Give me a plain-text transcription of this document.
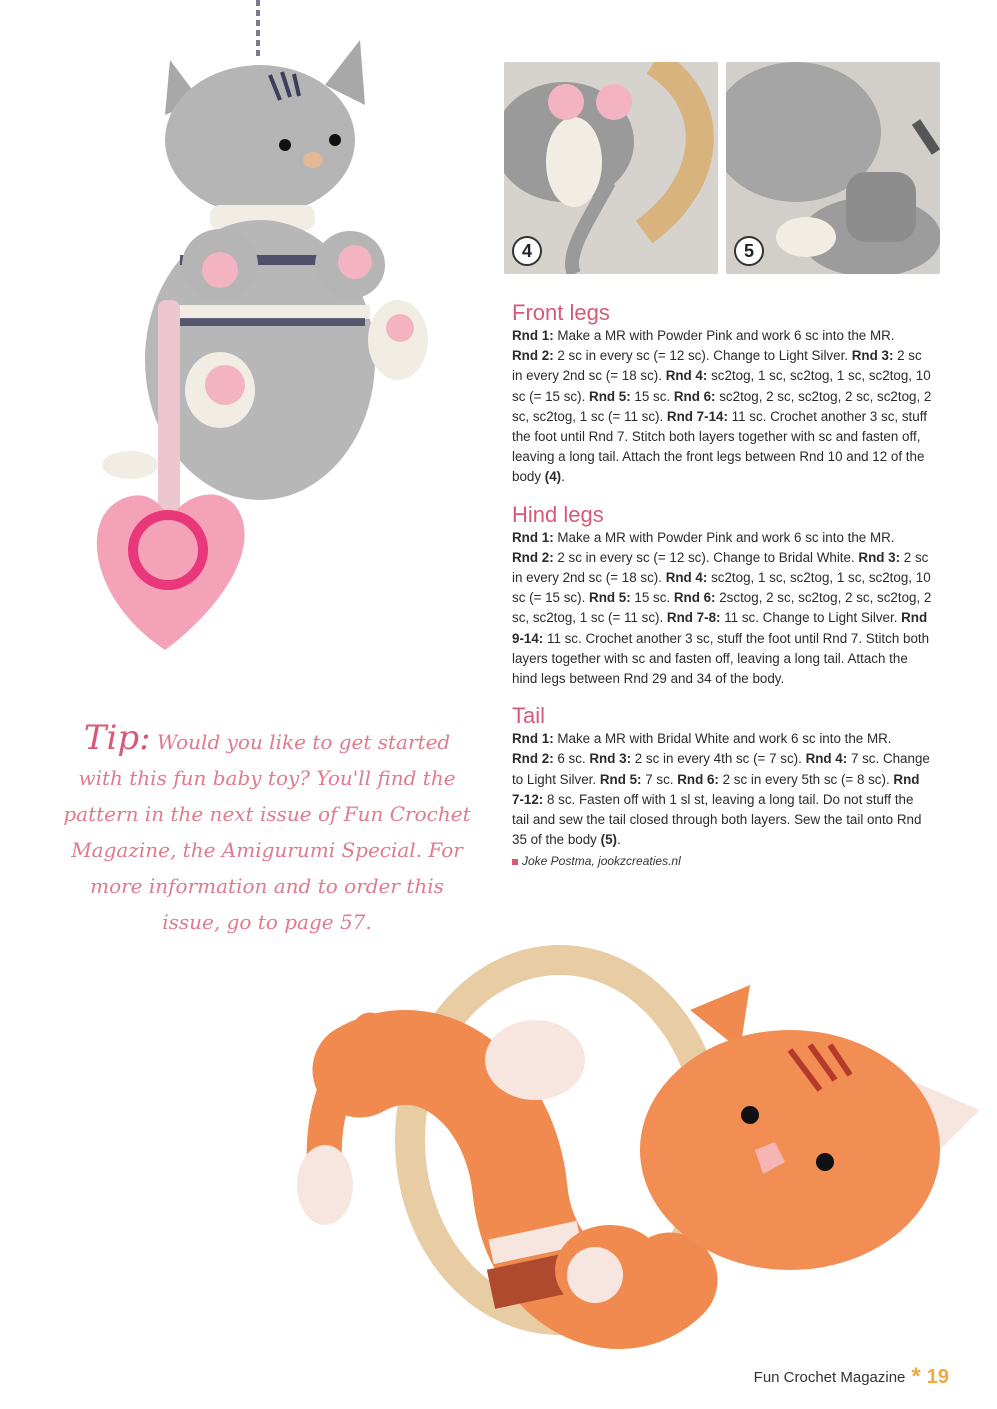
4	5
Front legs

Rnd 1: Make a MR with Powder Pink and work 6 sc into the MR.
Rnd 2: 2 sc in every sc (= 12 sc). Change to Light Silver. Rnd 3: 2 sc in every 2nd sc (= 18 sc). Rnd 4: sc2tog, 1 sc, sc2tog, 1 sc, sc2tog, 10 sc (= 15 sc). Rnd 5: 15 sc. Rnd 6: sc2tog, 2 sc, sc2tog, 2 sc, sc2tog, 2 sc, sc2tog, 1 sc (= 11 sc). Rnd 7-14: 11 sc. Crochet another 3 sc, stuff the foot until Rnd 7. Stitch both layers together with sc and fasten off, leaving a long tail. Attach the front legs between Rnd 10 and 12 of the body (4).

Hind legs

Rnd 1: Make a MR with Powder Pink and work 6 sc into the MR.
Rnd 2: 2 sc in every sc (= 12 sc). Change to Bridal White. Rnd 3: 2 sc in every 2nd sc (= 18 sc). Rnd 4: sc2tog, 1 sc, sc2tog, 1 sc, sc2tog, 10 sc (= 15 sc). Rnd 5: 15 sc. Rnd 6: 2sctog, 2 sc, sc2tog, 2 sc, sc2tog, 2 sc, sc2tog, 1 sc (= 11 sc). Rnd 7-8: 11 sc. Change to Light Silver. Rnd 9-14: 11 sc. Crochet another 3 sc, stuff the foot until Rnd 7. Stitch both layers together with sc and fasten off, leaving a long tail. Attach the hind legs between Rnd 29 and 34 of the body.

Tail

Rnd 1: Make a MR with Bridal White and work 6 sc into the MR.
Rnd 2: 6 sc. Rnd 3: 2 sc in every 4th sc (= 7 sc). Rnd 4: 7 sc. Change to Light Silver. Rnd 5: 7 sc. Rnd 6: 2 sc in every 5th sc (= 8 sc). Rnd 7-12: 8 sc. Fasten off with 1 sl st, leaving a long tail. Do not stuff the tail and sew the tail closed through both layers. Sew the tail onto Rnd 35 of the body (5).

Joke Postma, jookzcreaties.nl
Tip: Would you like to get started with this fun baby toy? You'll find the pattern in the next issue of Fun Crochet Magazine, the Amigurumi Special. For more information and to order this issue, go to page 57.
Fun Crochet Magazine * 19
